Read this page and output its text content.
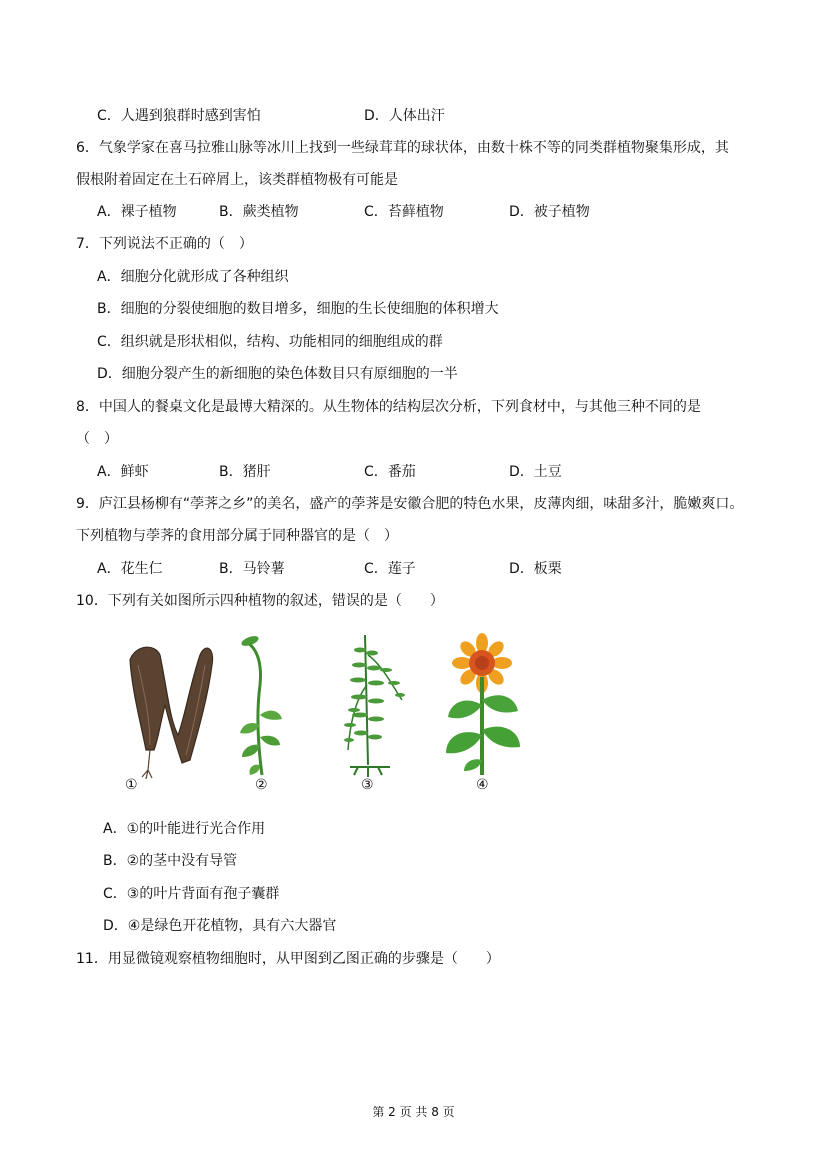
C．人遇到狼群时感到害怕	D．人体出汗
6．气象学家在喜马拉雅山脉等冰川上找到一些绿茸茸的球状体，由数十株不等的同类群植物聚集形成，其
假根附着固定在土石碎屑上，该类群植物极有可能是
A．裸子植物	B．蕨类植物	C．苔藓植物	D．被子植物
7．下列说法不正确的（　）
A．细胞分化就形成了各种组织
B．细胞的分裂使细胞的数目增多，细胞的生长使细胞的体积增大
C．组织就是形状相似，结构、功能相同的细胞组成的群
D．细胞分裂产生的新细胞的染色体数目只有原细胞的一半
8．中国人的餐桌文化是最博大精深的。从生物体的结构层次分析，下列食材中，与其他三种不同的是
（　）
A．鲜虾	B．猪肝	C．番茄	D．土豆
9．庐江县杨柳有“荸荠之乡”的美名，盛产的荸荠是安徽合肥的特色水果，皮薄肉细，味甜多汁，脆嫩爽口。
下列植物与荸荠的食用部分属于同种器官的是（　）
A．花生仁	B．马铃薯	C．莲子	D．板栗
10．下列有关如图所示四种植物的叙述，错误的是（　　）
①	②	③	④
A．①的叶能进行光合作用
B．②的茎中没有导管
C．③的叶片背面有孢子囊群
D．④是绿色开花植物，具有六大器官
11．用显微镜观察植物细胞时，从甲图到乙图正确的步骤是（　　）
第 2 页 共 8 页
